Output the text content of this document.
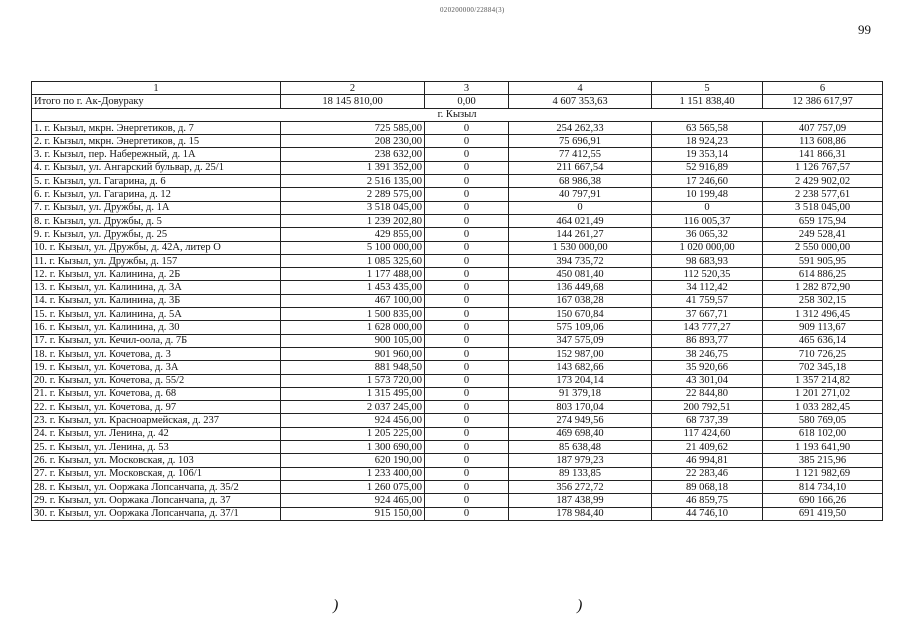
020200000/22884(3)
99
1	2	3	4	5	6
Итого по г. Ак-Довураку	18 145 810,00	0,00	4 607 353,63	1 151 838,40	12 386 617,97
г. Кызыл					
1. г. Кызыл, мкрн. Энергетиков, д. 7	725 585,00	0	254 262,33	63 565,58	407 757,09
2. г. Кызыл, мкрн. Энергетиков, д. 15	208 230,00	0	75 696,91	18 924,23	113 608,86
3. г. Кызыл, пер. Набережный, д. 1А	238 632,00	0	77 412,55	19 353,14	141 866,31
4. г. Кызыл, ул. Ангарский бульвар, д. 25/1	1 391 352,00	0	211 667,54	52 916,89	1 126 767,57
5. г. Кызыл, ул. Гагарина, д. 6	2 516 135,00	0	68 986,38	17 246,60	2 429 902,02
6. г. Кызыл, ул. Гагарина, д. 12	2 289 575,00	0	40 797,91	10 199,48	2 238 577,61
7. г. Кызыл, ул. Дружбы, д. 1А	3 518 045,00	0	0	0	3 518 045,00
8. г. Кызыл, ул. Дружбы, д. 5	1 239 202,80	0	464 021,49	116 005,37	659 175,94
9. г. Кызыл, ул. Дружбы, д. 25	429 855,00	0	144 261,27	36 065,32	249 528,41
10. г. Кызыл, ул. Дружбы, д. 42А, литер О	5 100 000,00	0	1 530 000,00	1 020 000,00	2 550 000,00
11. г. Кызыл, ул. Дружбы, д. 157	1 085 325,60	0	394 735,72	98 683,93	591 905,95
12. г. Кызыл, ул. Калинина, д. 2Б	1 177 488,00	0	450 081,40	112 520,35	614 886,25
13. г. Кызыл, ул. Калинина, д. 3А	1 453 435,00	0	136 449,68	34 112,42	1 282 872,90
14. г. Кызыл, ул. Калинина, д. 3Б	467 100,00	0	167 038,28	41 759,57	258 302,15
15. г. Кызыл, ул. Калинина, д. 5А	1 500 835,00	0	150 670,84	37 667,71	1 312 496,45
16. г. Кызыл, ул. Калинина, д. 30	1 628 000,00	0	575 109,06	143 777,27	909 113,67
17. г. Кызыл, ул. Кечил-оола, д. 7Б	900 105,00	0	347 575,09	86 893,77	465 636,14
18. г. Кызыл, ул. Кочетова, д. 3	901 960,00	0	152 987,00	38 246,75	710 726,25
19. г. Кызыл, ул. Кочетова, д. 3А	881 948,50	0	143 682,66	35 920,66	702 345,18
20. г. Кызыл, ул. Кочетова, д. 55/2	1 573 720,00	0	173 204,14	43 301,04	1 357 214,82
21. г. Кызыл, ул. Кочетова, д. 68	1 315 495,00	0	91 379,18	22 844,80	1 201 271,02
22. г. Кызыл, ул. Кочетова, д. 97	2 037 245,00	0	803 170,04	200 792,51	1 033 282,45
23. г. Кызыл, ул. Красноармейская, д. 237	924 456,00	0	274 949,56	68 737,39	580 769,05
24. г. Кызыл, ул. Ленина, д. 42	1 205 225,00	0	469 698,40	117 424,60	618 102,00
25. г. Кызыл, ул. Ленина, д. 53	1 300 690,00	0	85 638,48	21 409,62	1 193 641,90
26. г. Кызыл, ул. Московская, д. 103	620 190,00	0	187 979,23	46 994,81	385 215,96
27. г. Кызыл, ул. Московская, д. 106/1	1 233 400,00	0	89 133,85	22 283,46	1 121 982,69
28. г. Кызыл, ул. Ооржака Лопсанчапа, д. 35/2	1 260 075,00	0	356 272,72	89 068,18	814 734,10
29. г. Кызыл, ул. Ооржака Лопсанчапа, д. 37	924 465,00	0	187 438,99	46 859,75	690 166,26
30. г. Кызыл, ул. Ооржака Лопсанчапа, д. 37/1	915 150,00	0	178 984,40	44 746,10	691 419,50
)	)
